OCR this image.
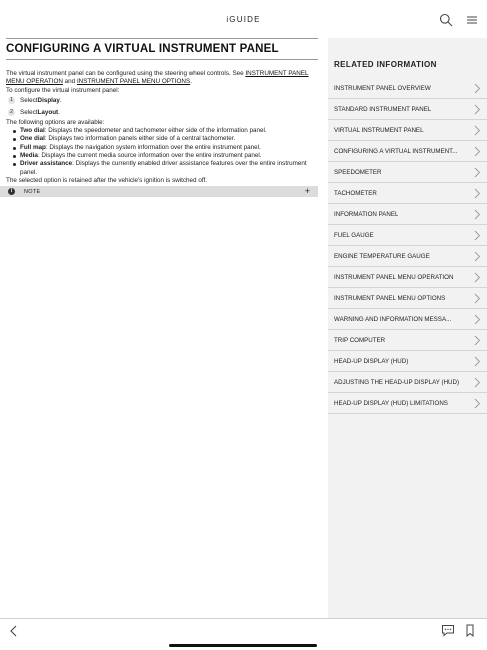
iGUIDE
CONFIGURING A VIRTUAL INSTRUMENT PANEL

The virtual instrument panel can be configured using the steering wheel controls. See INSTRUMENT PANEL MENU OPERATION and INSTRUMENT PANEL MENU OPTIONS.

To configure the virtual instrument panel:

1	Select Display .
2	Select Layout .

The following options are available:

Two dial: Displays the speedometer and tachometer either side of the information panel.
One dial: Displays two information panels either side of a central tachometer.
Full map: Displays the navigation system information over the entire instrument panel.
Media: Displays the current media source information over the entire instrument panel.
Driver assistance: Displays the currently enabled driver assistance features over the entire instrument panel.

The selected option is retained after the vehicle's ignition is switched off.

i	NOTE	+
RELATED INFORMATION
INSTRUMENT PANEL OVERVIEW
STANDARD INSTRUMENT PANEL
VIRTUAL INSTRUMENT PANEL
CONFIGURING A VIRTUAL INSTRUMENT...
SPEEDOMETER
TACHOMETER
INFORMATION PANEL
FUEL GAUGE
ENGINE TEMPERATURE GAUGE
INSTRUMENT PANEL MENU OPERATION
INSTRUMENT PANEL MENU OPTIONS
WARNING AND INFORMATION MESSA...
TRIP COMPUTER
HEAD-UP DISPLAY (HUD)
ADJUSTING THE HEAD-UP DISPLAY (HUD)
HEAD-UP DISPLAY (HUD) LIMITATIONS
